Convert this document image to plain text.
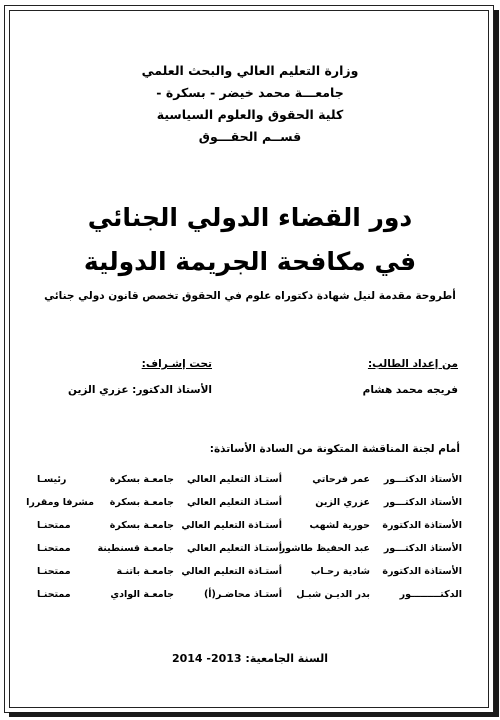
وزارة التعليم العالي والبحث العلمي
جامعـــة محمد خيضر - بسكرة -
كلية الحقوق والعلوم السياسية
قســم الحقـــوق
دور القضاء الدولي الجنائي
في مكافحة الجريمة الدولية
أطروحة مقدمة لنيل شهادة دكتوراه علوم في الحقوق تخصص قانون دولي جنائي
من إعداد الطالب:
فريجه محمد هشام
تحت إشـراف:
الأستاذ الدكتور: عزري الزين
أمام لجنة المناقشة المتكونة من السادة الأساتذة:
الأستاذ الدكتـــور
عمر فرحاتي
أستـاذ التعليم العالي
جامعـة بسكرة
رئيسـا
الأستاذ الدكتـــور
عزري الزين
أستـاذ التعليم العالي
جامعـة بسكرة
مشرفا ومقررا
الأستاذة الدكتورة
حورية لشهب
أستـاذة التعليم العالي
جامعـة بسكرة
ممتحنـا
الأستاذ الدكتـــور
عبد الحفيظ طاشور
أستـاذ التعليم العالي
جامعـة قسنطينة
ممتحنـا
الأستاذة الدكتورة
شادية رحـاب
أستـاذة التعليم العالي
جامعـة باتنـة
ممتحنـا
الدكتـــــــــور
بدر الديـن شبـل
أستـاذ محاضـر(أ)
جامعـة الوادي
ممتحنـا
السنة الجامعية: 2013- 2014
